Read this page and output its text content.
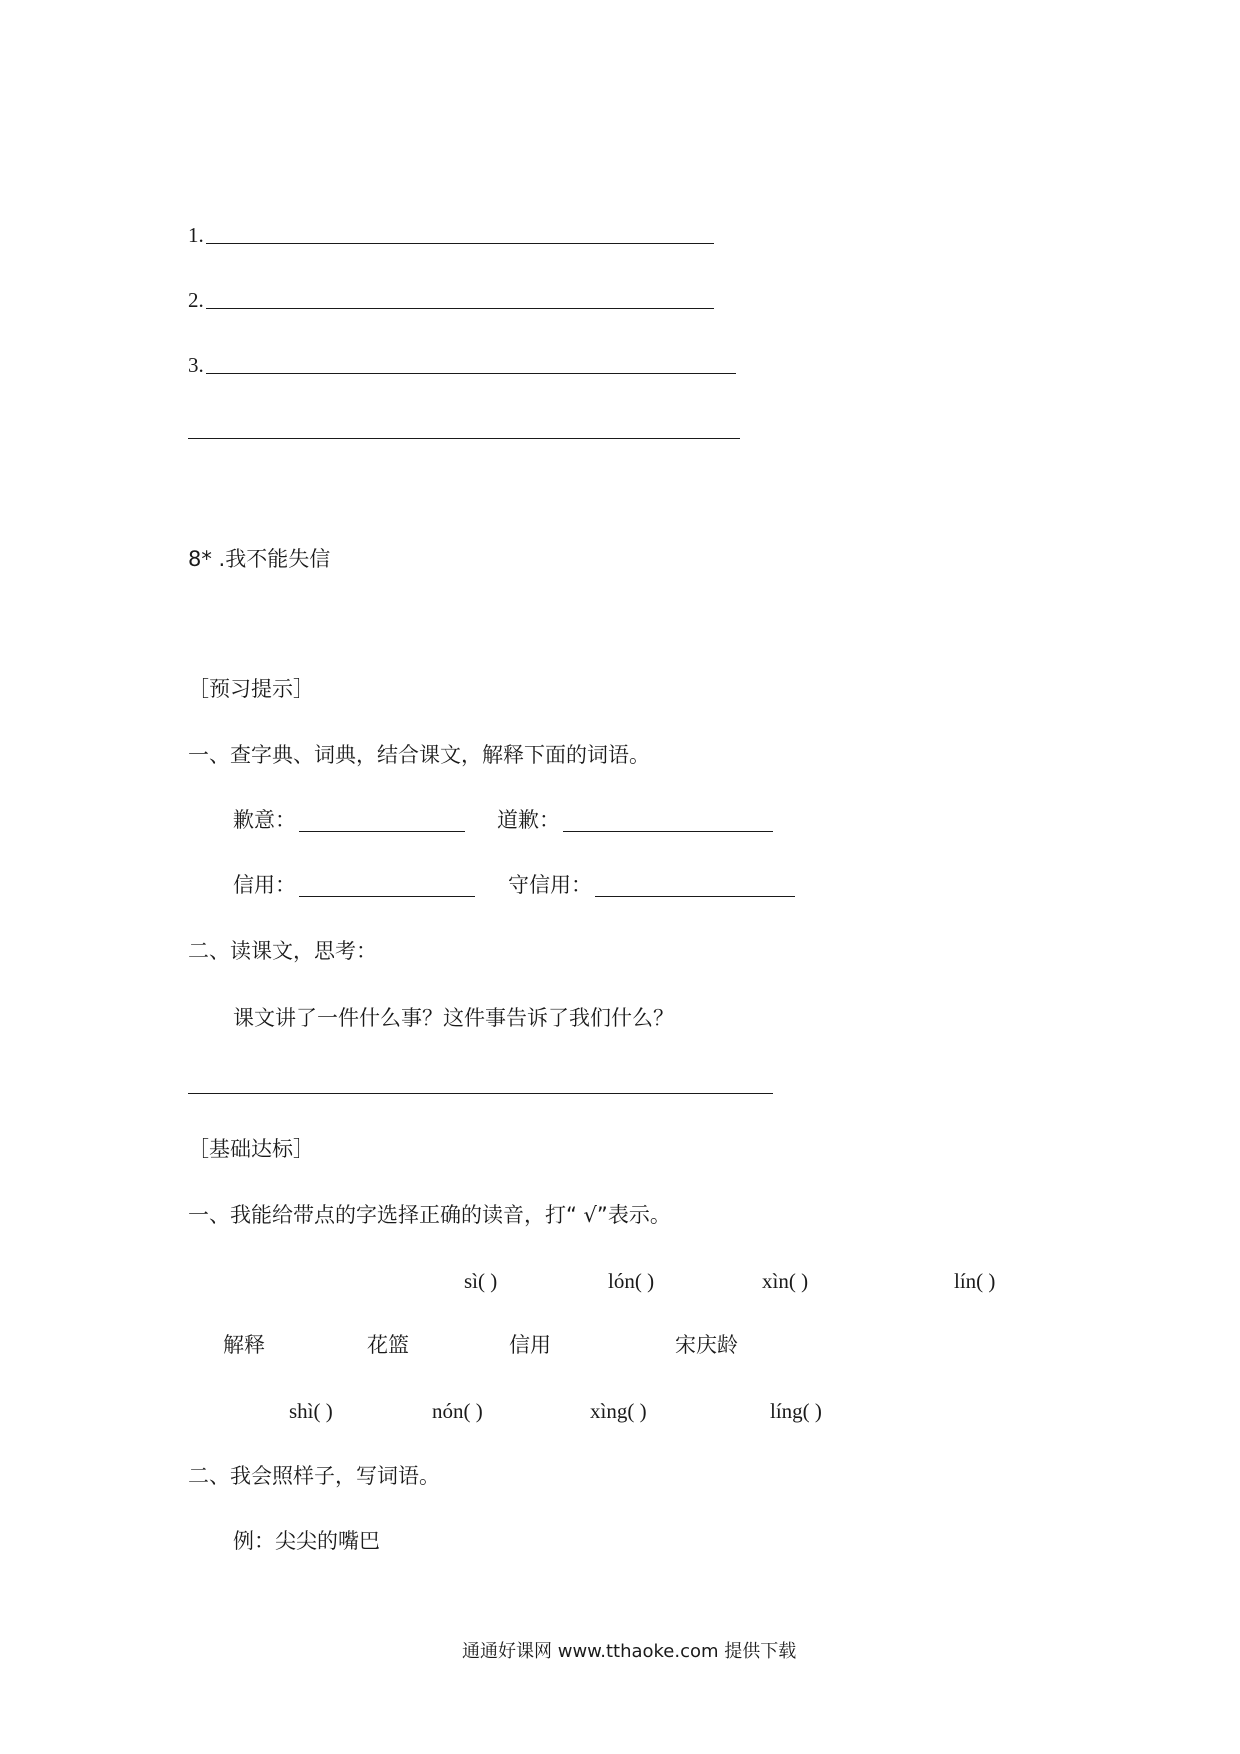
1.
2.
3.
8* .我不能失信
［预习提示］
一、查字典、词典，结合课文，解释下面的词语。
歉意：	道歉：
信用：	守信用：
二、读课文，思考：
课文讲了一件什么事？这件事告诉了我们什么？
［基础达标］
一、我能给带点的字选择正确的读音，打“ √”表示。
sì( )	lón( )	xìn( )	lín( )
解释	花篮	信用	宋庆龄
shì( )	nón( )	xìng( )	líng( )
二、我会照样子，写词语。
例：尖尖的嘴巴
通通好课网 www.tthaoke.com 提供下载
